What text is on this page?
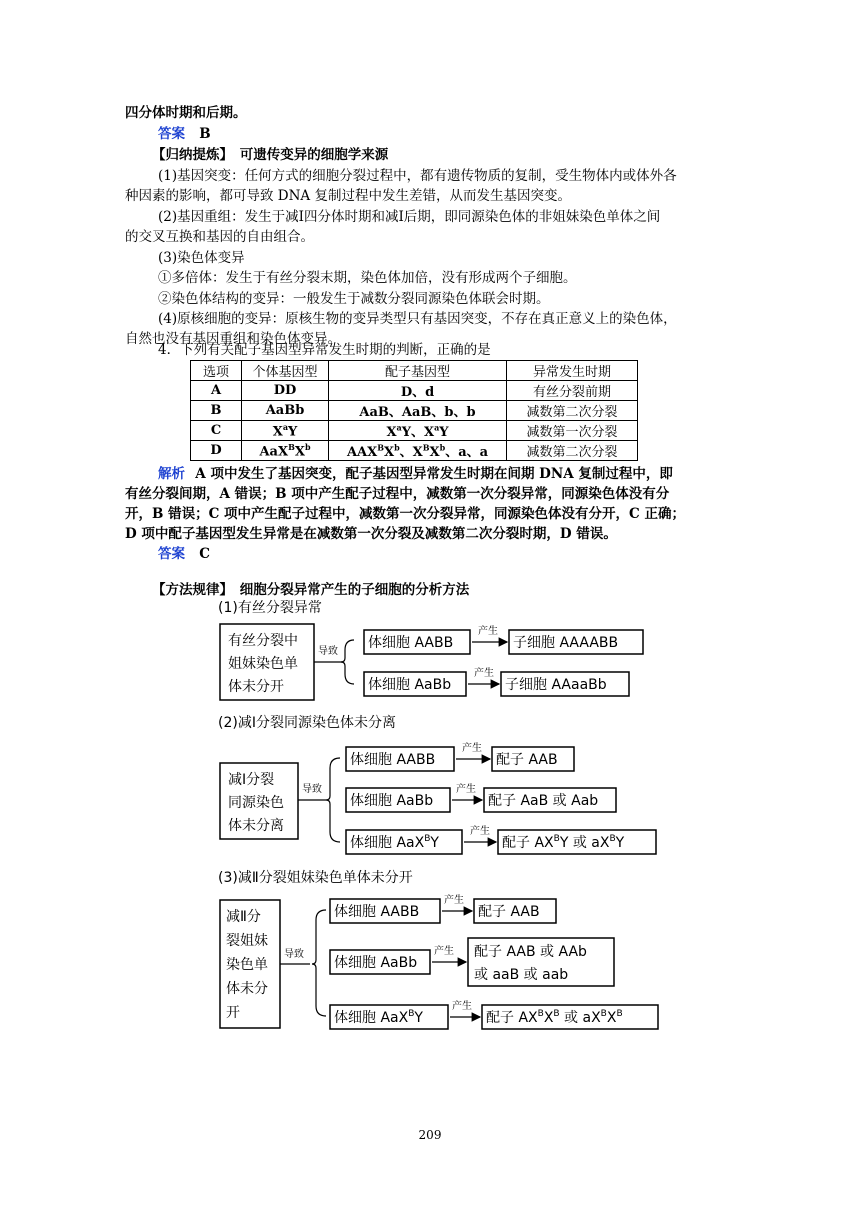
四分体时期和后期。
答案 B
【归纳提炼】　可遗传变异的细胞学来源
(1)基因突变：任何方式的细胞分裂过程中，都有遗传物质的复制，受生物体内或体外各
种因素的影响，都可导致 DNA 复制过程中发生差错，从而发生基因突变。
(2)基因重组：发生于减Ⅰ四分体时期和减Ⅰ后期，即同源染色体的非姐妹染色单体之间
的交叉互换和基因的自由组合。
(3)染色体变异
①多倍体：发生于有丝分裂末期，染色体加倍，没有形成两个子细胞。
②染色体结构的变异：一般发生于减数分裂同源染色体联会时期。
(4)原核细胞的变异：原核生物的变异类型只有基因突变，不存在真正意义上的染色体，
自然也没有基因重组和染色体变异。
4．下列有关配子基因型异常发生时期的判断，正确的是
选项	个体基因型	配子基因型	异常发生时期
A	DD	D、d	有丝分裂前期
B	AaBb	AaB、AaB、b、b	减数第二次分裂
C	$X^aY$	$X^aY$、$X^aY$	减数第一次分裂
D	$AaX^BX^b$	$AAX^BX^b$、$X^BX^b$、a、a	减数第二次分裂
解析 A 项中发生了基因突变，配子基因型异常发生时期在间期 DNA 复制过程中，即
有丝分裂间期，A 错误；B 项中产生配子过程中，减数第一次分裂异常，同源染色体没有分
开，B 错误；C 项中产生配子过程中，减数第一次分裂异常，同源染色体没有分开，C 正确；
D 项中配子基因型发生异常是在减数第一次分裂及减数第二次分裂时期，D 错误。
答案 C
【方法规律】　细胞分裂异常产生的子细胞的分析方法
(1)有丝分裂异常
有丝分裂中
姐妹染色单
体未分开
导致
体细胞 AABB
产生
子细胞 AAAABB
体细胞 AaBb
产生
子细胞 AAaaBb
(2)减Ⅰ分裂同源染色体未分离
减Ⅰ分裂
同源染色
体未分离
导致
体细胞 AABB
产生
配子 AAB
体细胞 AaBb
产生
配子 AaB 或 Aab
体细胞 AaX$^B$Y
产生
配子 $AX^BY$ 或 $aX^BY$
(3)减Ⅱ分裂姐妹染色单体未分开
减Ⅱ分
裂姐妹
染色单
体未分
开
导致
体细胞 AABB
产生
配子 AAB
体细胞 AaBb
产生 配子 AAB 或 AAb
或 aaB 或 aab
体细胞 AaX$^B$Y
产生
配子 $AX^BX^B$ 或 $aX^BX^B$
209
